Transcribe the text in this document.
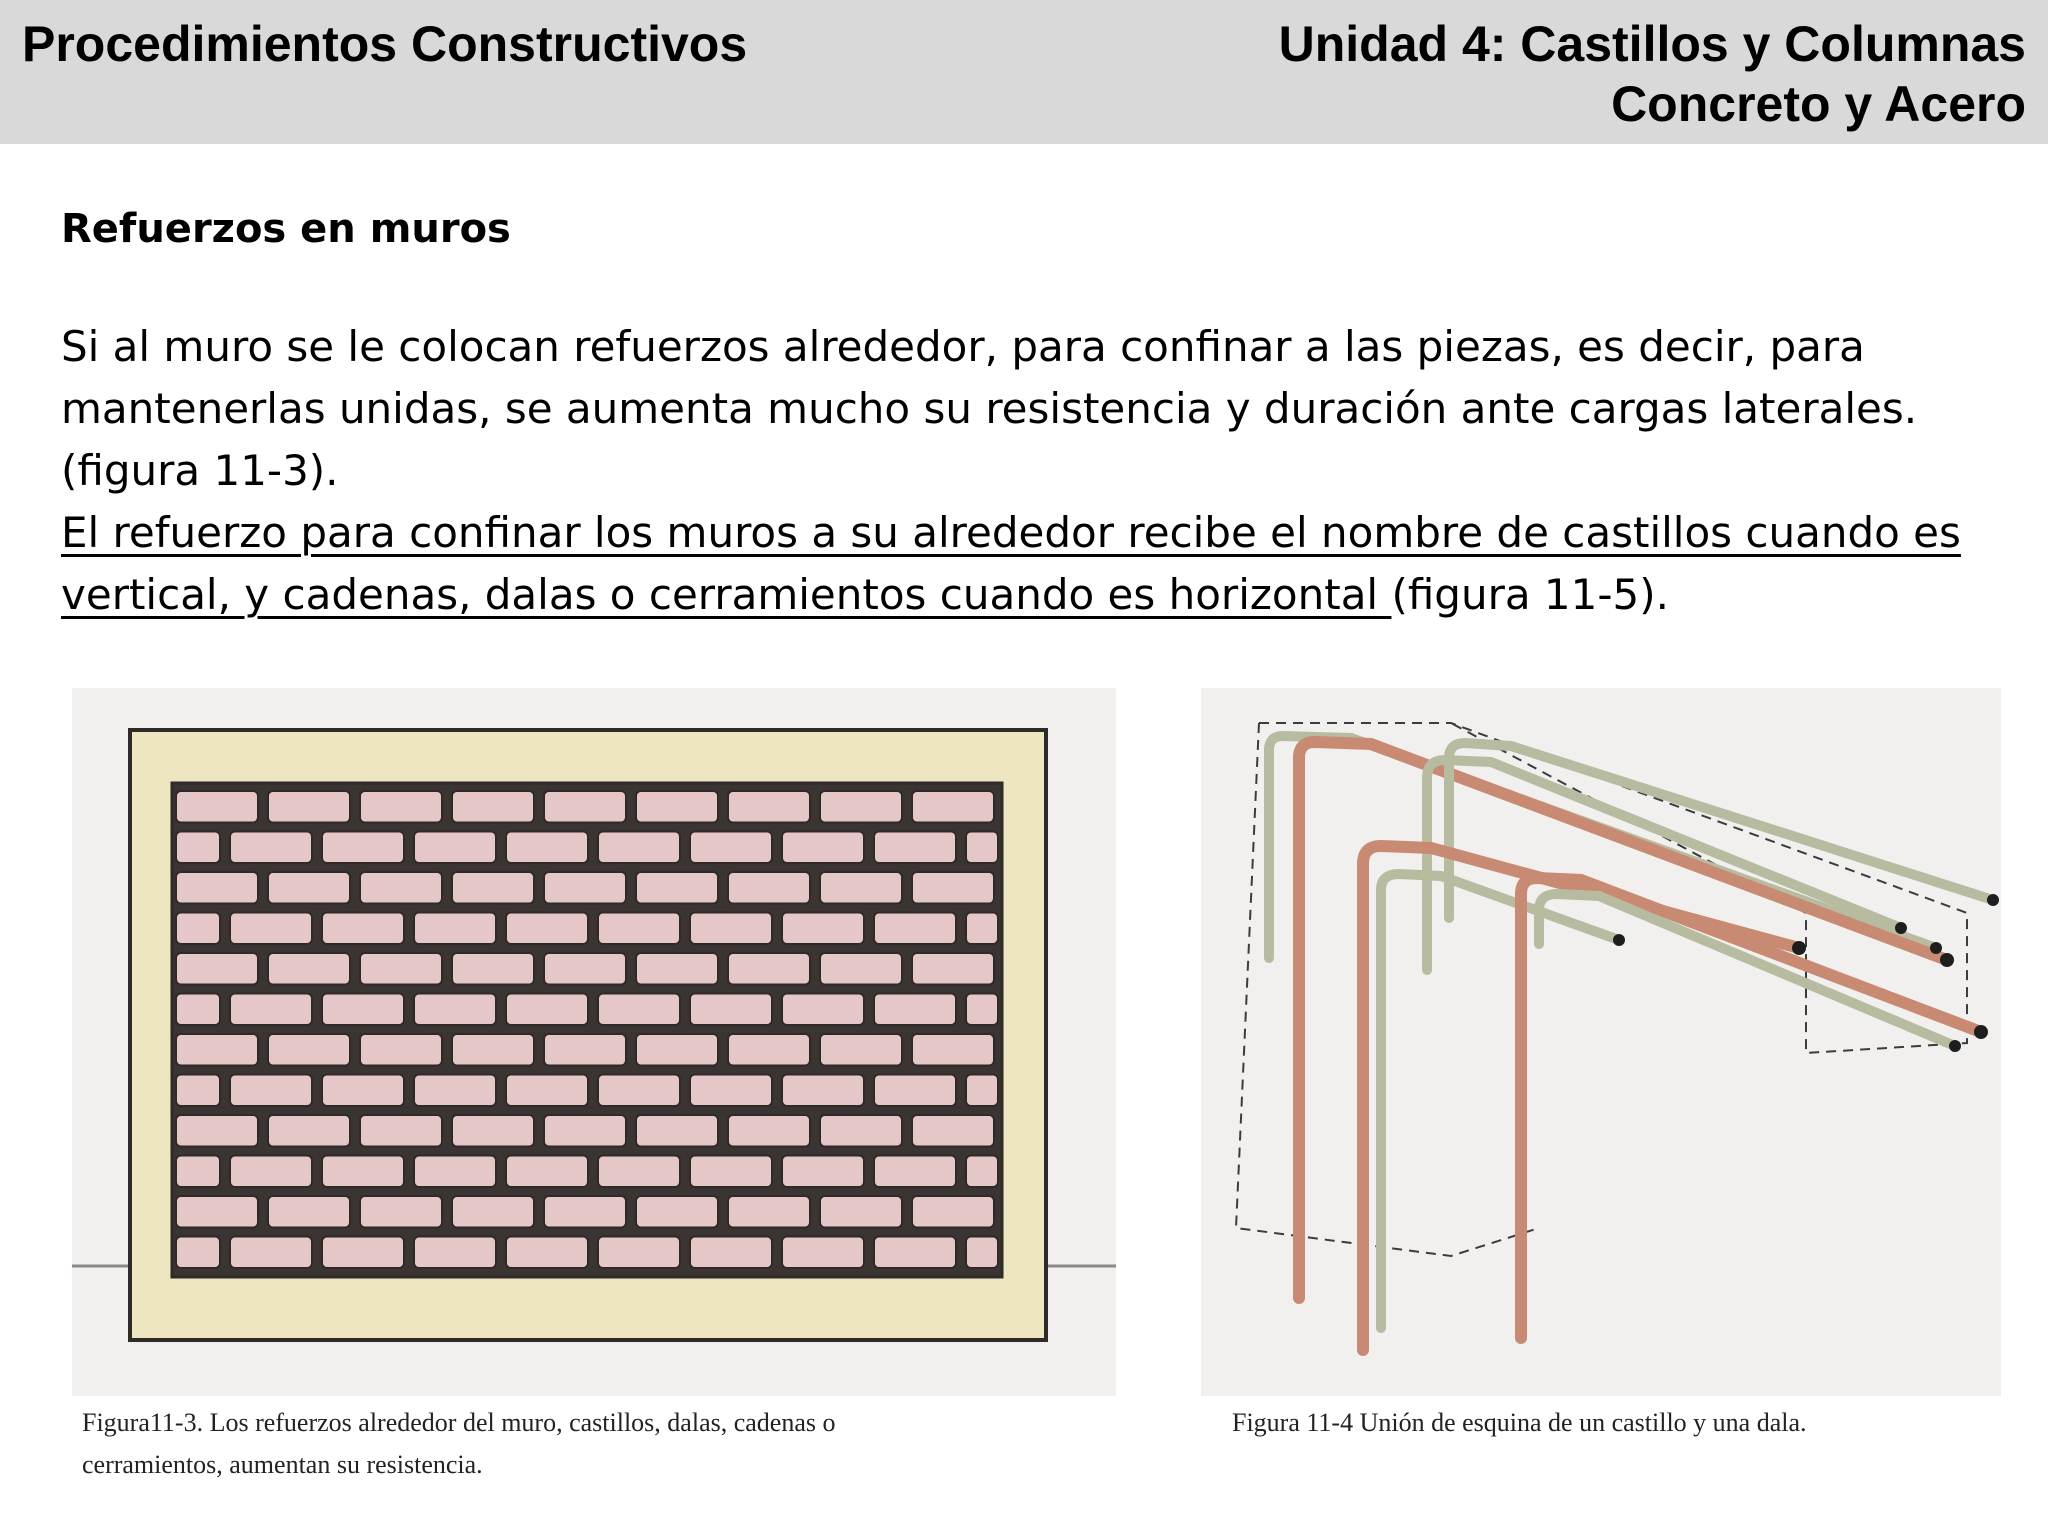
Procedimientos Constructivos	Unidad 4: Castillos y Columnas
Concreto y Acero

Refuerzos en muros

Si al muro se le colocan refuerzos alrededor, para confinar a las piezas, es decir, para mantenerlas unidas, se aumenta mucho su resistencia y duración ante cargas laterales. (figura 11-3).

El refuerzo para confinar los muros a su alrededor recibe el nombre de castillos cuando es vertical, y cadenas, dalas o cerramientos cuando es horizontal (figura 11-5).

Figura11-3. Los refuerzos alrededor del muro, castillos, dalas, cadenas o
cerramientos, aumentan su resistencia.
Figura 11-4 Unión de esquina de un castillo y una dala.
